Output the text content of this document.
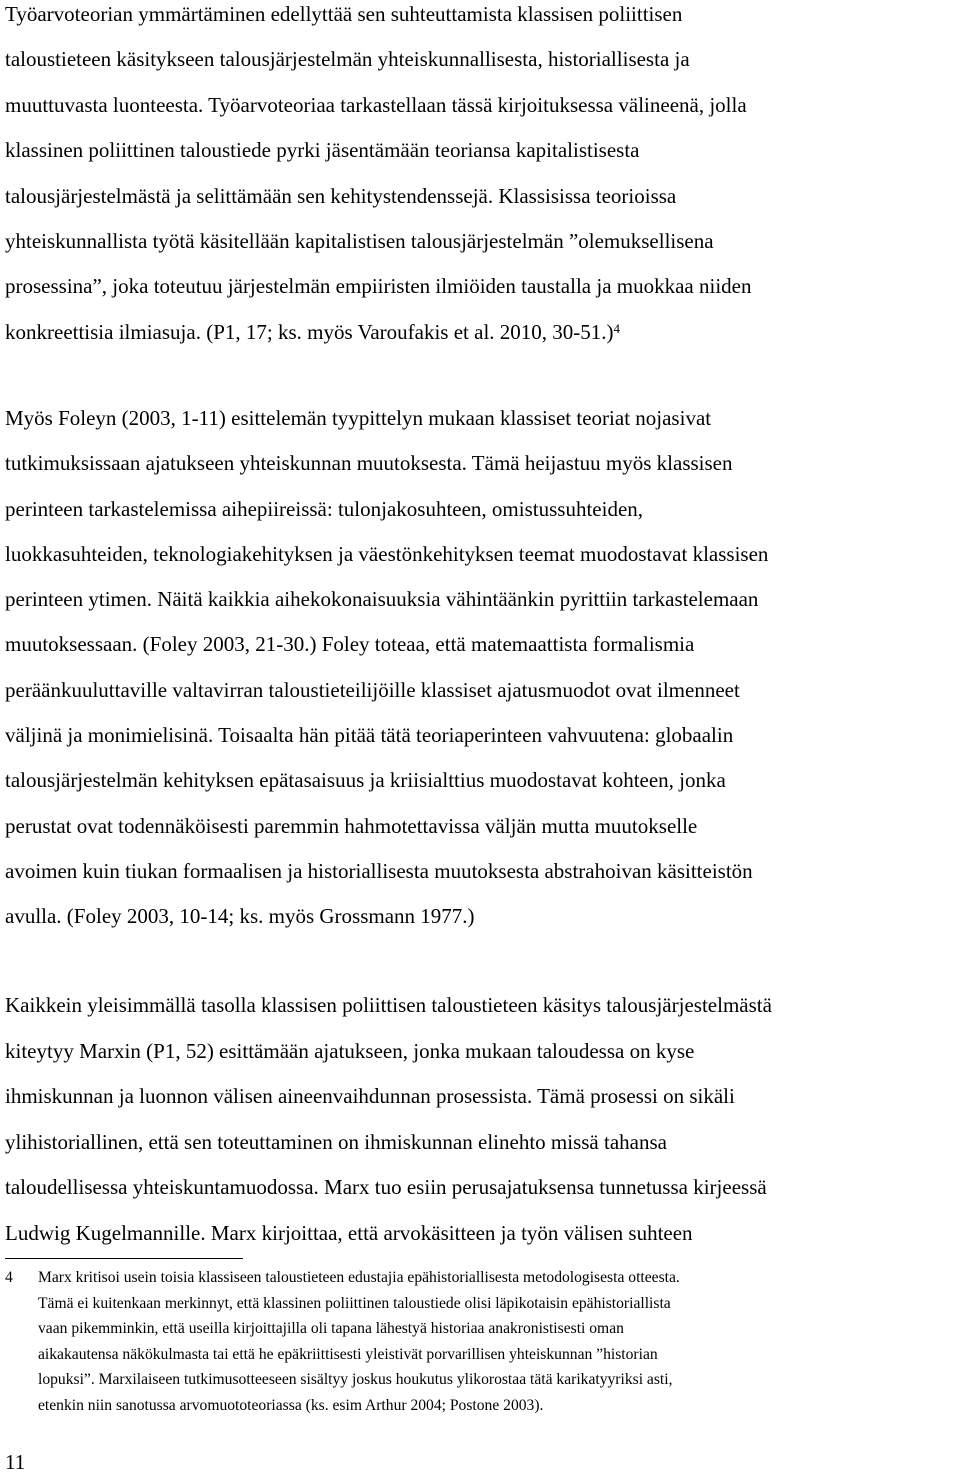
Työarvoteorian ymmärtäminen edellyttää sen suhteuttamista klassisen poliittisen
taloustieteen käsitykseen talousjärjestelmän yhteiskunnallisesta, historiallisesta ja
muuttuvasta luonteesta. Työarvoteoriaa tarkastellaan tässä kirjoituksessa välineenä, jolla
klassinen poliittinen taloustiede pyrki jäsentämään teoriansa kapitalistisesta
talousjärjestelmästä ja selittämään sen kehitystendenssejä. Klassisissa teorioissa
yhteiskunnallista työtä käsitellään kapitalistisen talousjärjestelmän ”olemuksellisena
prosessina”, joka toteutuu järjestelmän empiiristen ilmiöiden taustalla ja muokkaa niiden
konkreettisia ilmiasuja. (P1, 17; ks. myös Varoufakis et al. 2010, 30-51.)$^4$
Myös Foleyn (2003, 1-11) esittelemän tyypittelyn mukaan klassiset teoriat nojasivat
tutkimuksissaan ajatukseen yhteiskunnan muutoksesta. Tämä heijastuu myös klassisen
perinteen tarkastelemissa aihepiireissä: tulonjakosuhteen, omistussuhteiden,
luokkasuhteiden, teknologiakehityksen ja väestönkehityksen teemat muodostavat klassisen
perinteen ytimen. Näitä kaikkia aihekokonaisuuksia vähintäänkin pyrittiin tarkastelemaan
muutoksessaan. (Foley 2003, 21-30.) Foley toteaa, että matemaattista formalismia
peräänkuuluttaville valtavirran taloustieteilijöille klassiset ajatusmuodot ovat ilmenneet
väljinä ja monimielisinä. Toisaalta hän pitää tätä teoriaperinteen vahvuutena: globaalin
talousjärjestelmän kehityksen epätasaisuus ja kriisialttius muodostavat kohteen, jonka
perustat ovat todennäköisesti paremmin hahmotettavissa väljän mutta muutokselle
avoimen kuin tiukan formaalisen ja historiallisesta muutoksesta abstrahoivan käsitteistön
avulla. (Foley 2003, 10-14; ks. myös Grossmann 1977.)
Kaikkein yleisimmällä tasolla klassisen poliittisen taloustieteen käsitys talousjärjestelmästä
kiteytyy Marxin (P1, 52) esittämään ajatukseen, jonka mukaan taloudessa on kyse
ihmiskunnan ja luonnon välisen aineenvaihdunnan prosessista. Tämä prosessi on sikäli
ylihistoriallinen, että sen toteuttaminen on ihmiskunnan elinehto missä tahansa
taloudellisessa yhteiskuntamuodossa. Marx tuo esiin perusajatuksensa tunnetussa kirjeessä
Ludwig Kugelmannille. Marx kirjoittaa, että arvokäsitteen ja työn välisen suhteen
4 Marx kritisoi usein toisia klassiseen taloustieteen edustajia epähistoriallisesta metodologisesta otteesta.
Tämä ei kuitenkaan merkinnyt, että klassinen poliittinen taloustiede olisi läpikotaisin epähistoriallista
vaan pikemminkin, että useilla kirjoittajilla oli tapana lähestyä historiaa anakronistisesti oman
aikakautensa näkökulmasta tai että he epäkriittisesti yleistivät porvarillisen yhteiskunnan ”historian
lopuksi”. Marxilaiseen tutkimusotteeseen sisältyy joskus houkutus ylikorostaa tätä karikatyyriksi asti,
etenkin niin sanotussa arvomuototeoriassa (ks. esim Arthur 2004; Postone 2003).
11
